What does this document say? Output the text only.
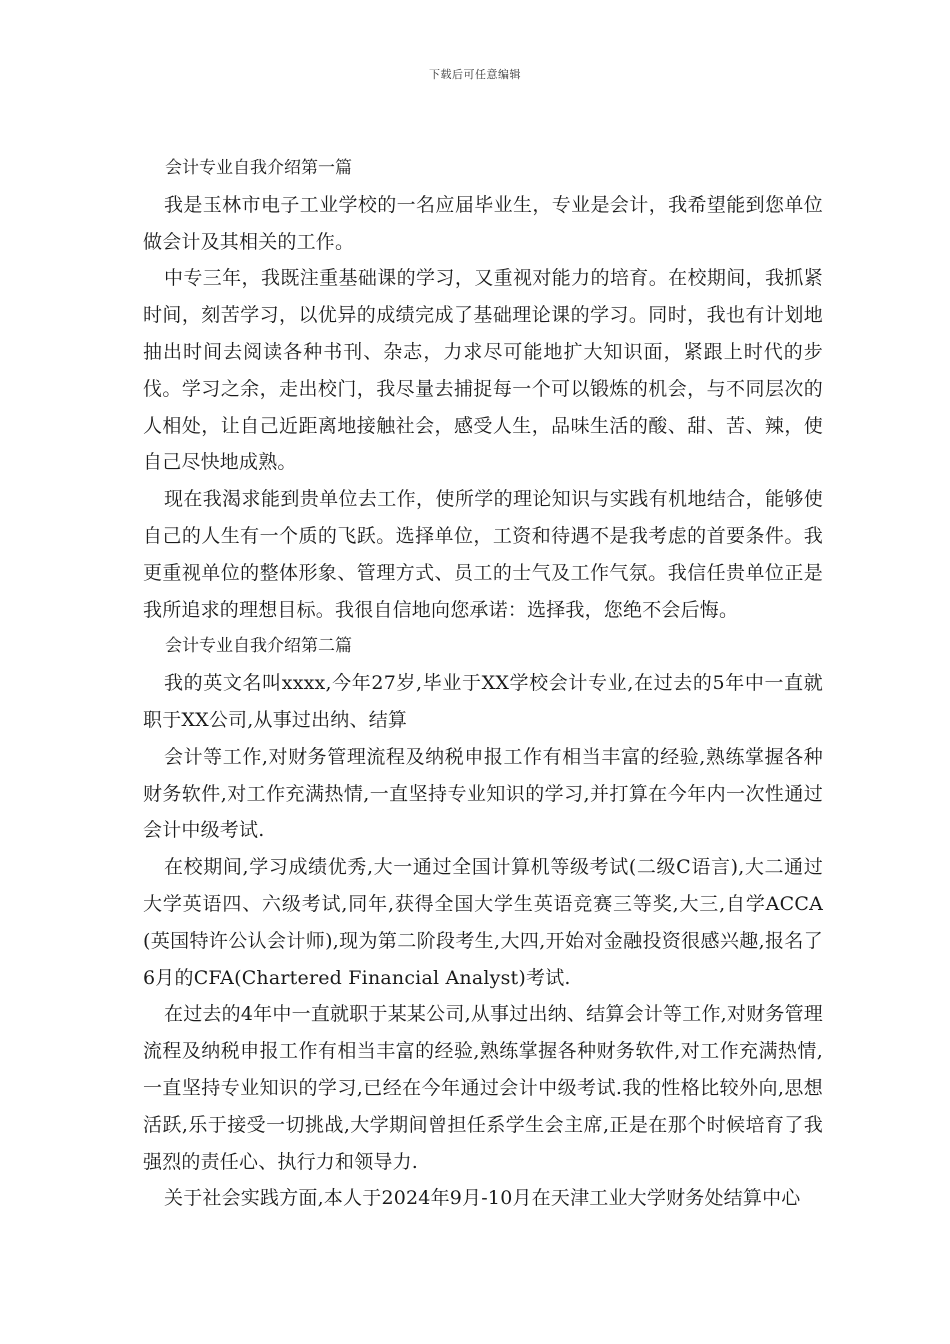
下载后可任意编辑

会计专业自我介绍第一篇

我是玉林市电子工业学校的一名应届毕业生，专业是会计，我希望能到您单位做会计及其相关的工作。

中专三年，我既注重基础课的学习，又重视对能力的培育。在校期间，我抓紧时间，刻苦学习，以优异的成绩完成了基础理论课的学习。同时，我也有计划地抽出时间去阅读各种书刊、杂志，力求尽可能地扩大知识面，紧跟上时代的步伐。学习之余，走出校门，我尽量去捕捉每一个可以锻炼的机会，与不同层次的人相处，让自己近距离地接触社会，感受人生，品味生活的酸、甜、苦、辣，使自己尽快地成熟。

现在我渴求能到贵单位去工作，使所学的理论知识与实践有机地结合，能够使自己的人生有一个质的飞跃。选择单位，工资和待遇不是我考虑的首要条件。我更重视单位的整体形象、管理方式、员工的士气及工作气氛。我信任贵单位正是我所追求的理想目标。我很自信地向您承诺：选择我，您绝不会后悔。

会计专业自我介绍第二篇

我的英文名叫xxxx,今年27岁,毕业于XX学校会计专业,在过去的5年中一直就职于XX公司,从事过出纳、结算

会计等工作,对财务管理流程及纳税申报工作有相当丰富的经验,熟练掌握各种财务软件,对工作充满热情,一直坚持专业知识的学习,并打算在今年内一次性通过会计中级考试.

在校期间,学习成绩优秀,大一通过全国计算机等级考试(二级C语言),大二通过大学英语四、六级考试,同年,获得全国大学生英语竞赛三等奖,大三,自学ACCA(英国特许公认会计师),现为第二阶段考生,大四,开始对金融投资很感兴趣,报名了6月的CFA(Chartered Financial Analyst)考试.

在过去的4年中一直就职于某某公司,从事过出纳、结算会计等工作,对财务管理流程及纳税申报工作有相当丰富的经验,熟练掌握各种财务软件,对工作充满热情,一直坚持专业知识的学习,已经在今年通过会计中级考试.我的性格比较外向,思想活跃,乐于接受一切挑战,大学期间曾担任系学生会主席,正是在那个时候培育了我强烈的责任心、执行力和领导力.

关于社会实践方面,本人于2024年9月-10月在天津工业大学财务处结算中心
